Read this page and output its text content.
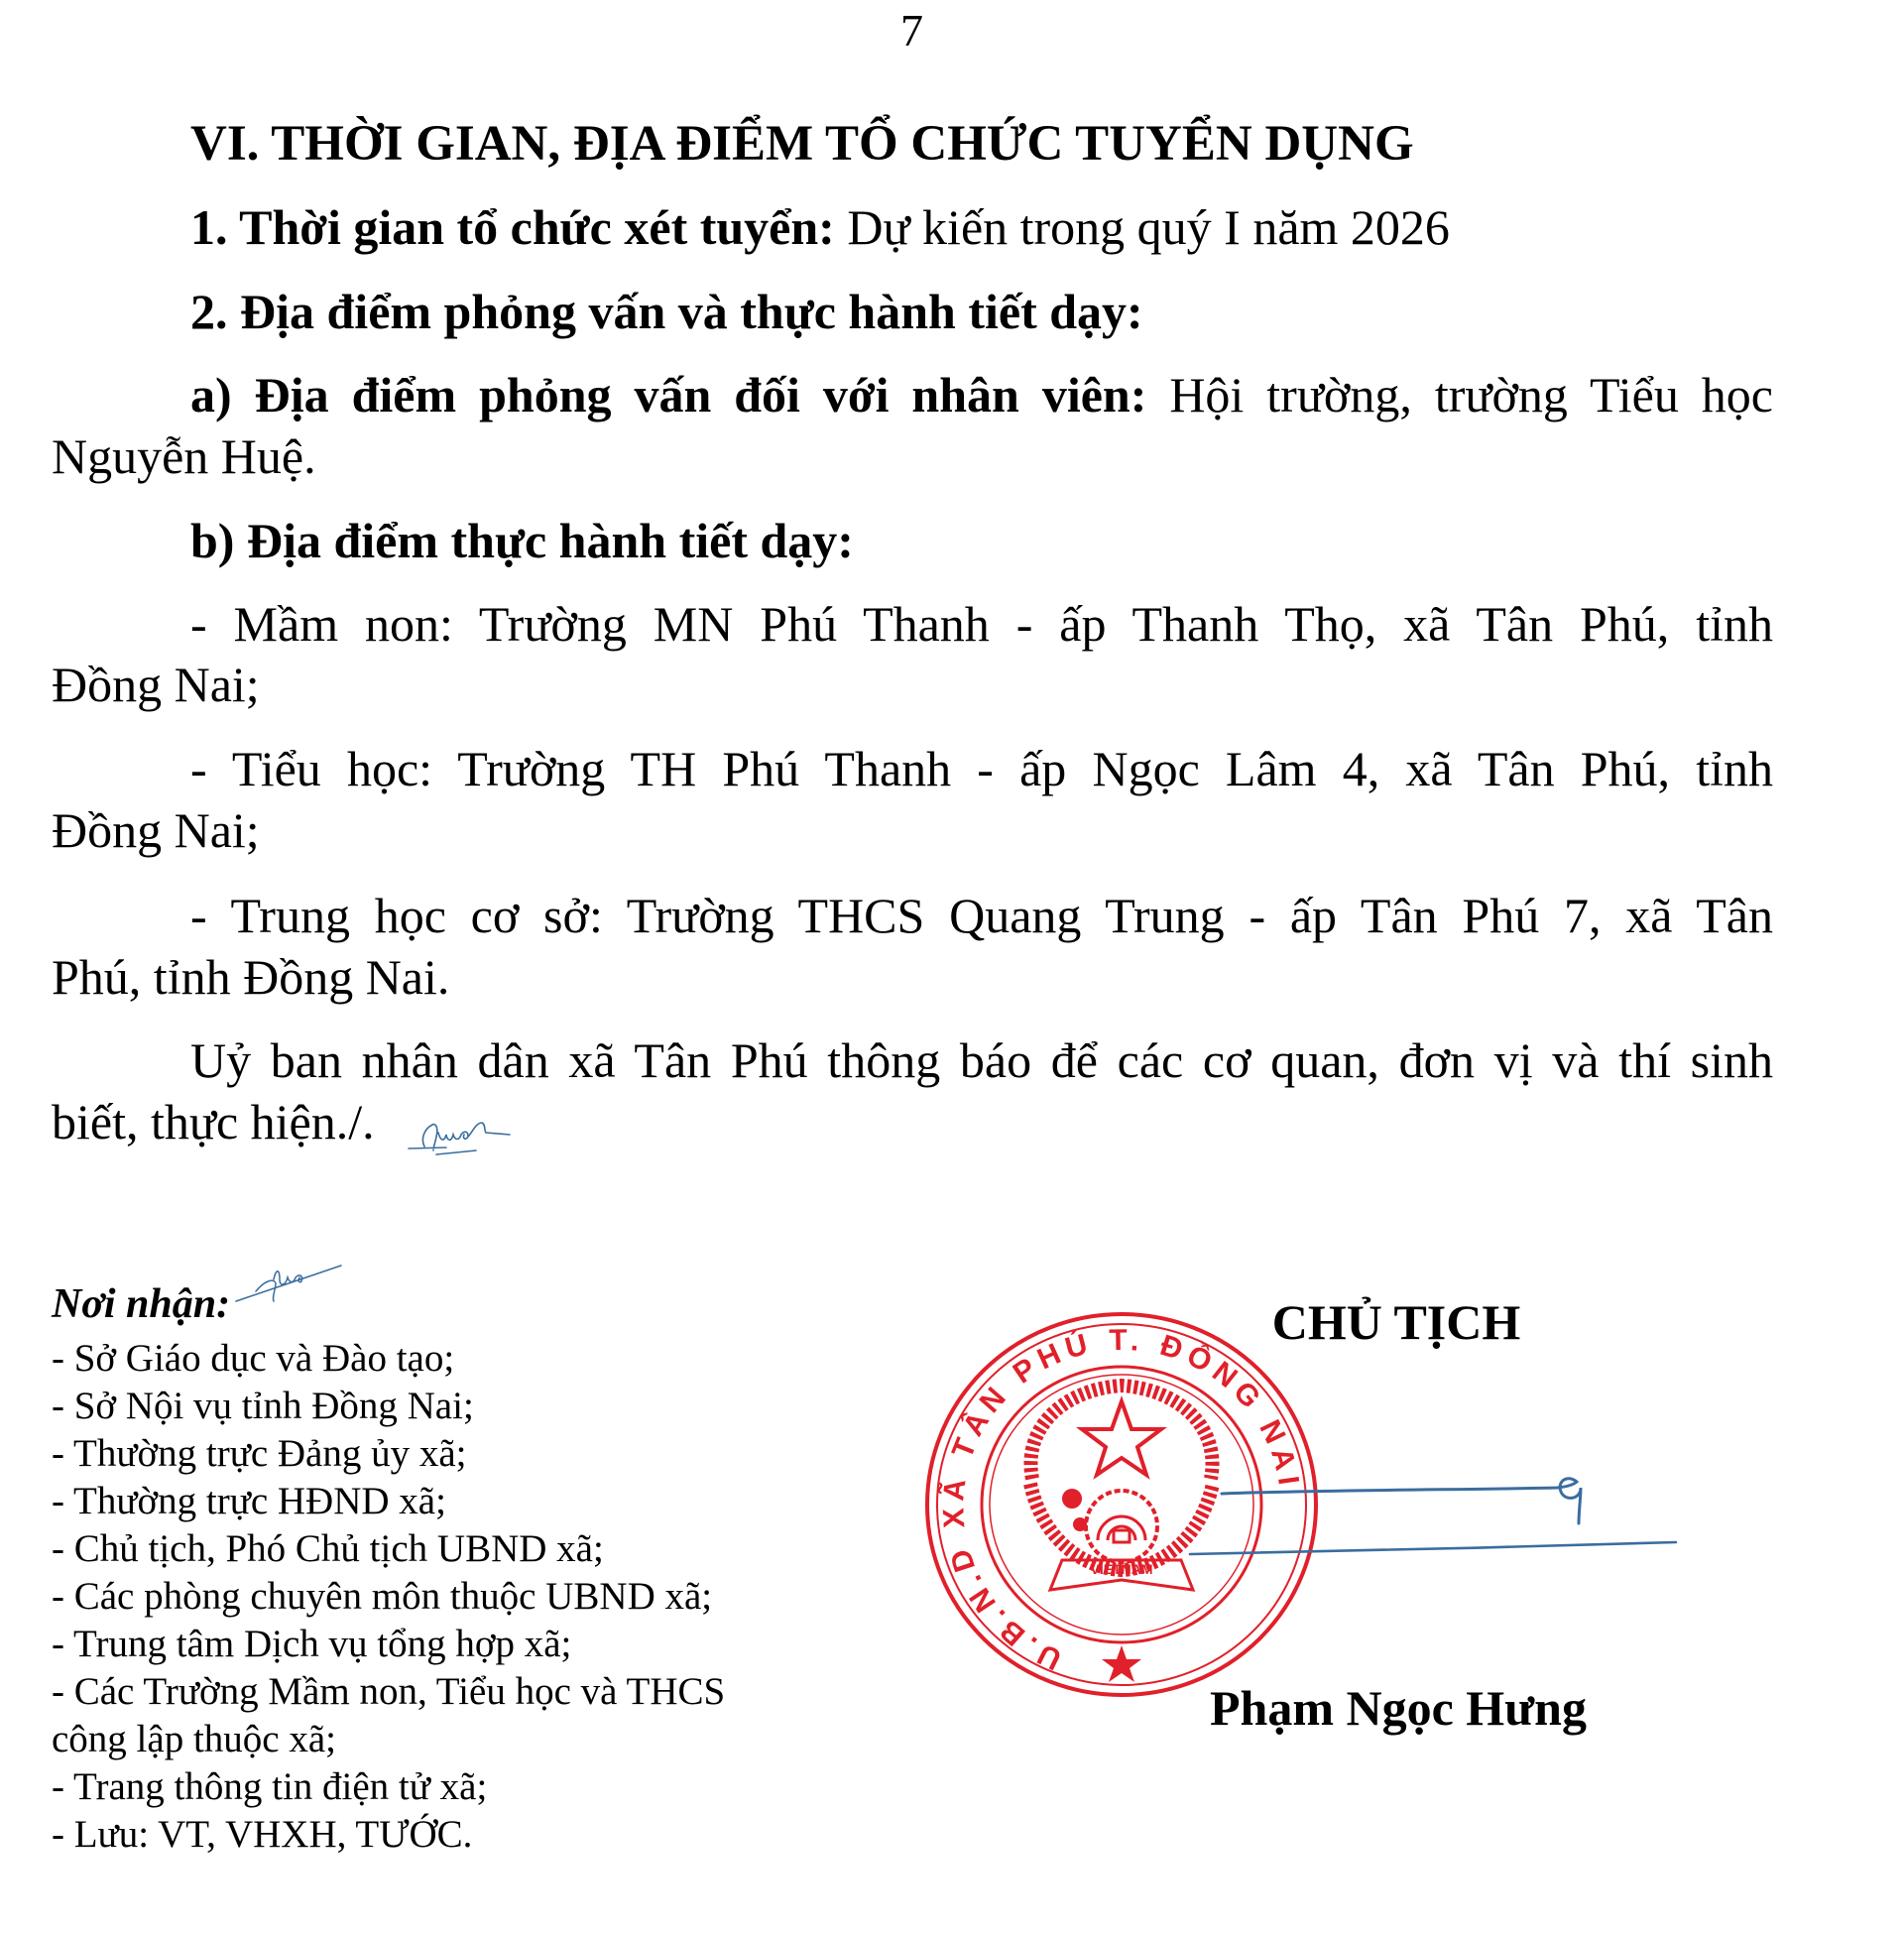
7
VI. THỜI GIAN, ĐỊA ĐIỂM TỔ CHỨC TUYỂN DỤNG
1. Thời gian tổ chức xét tuyển: Dự kiến trong quý I năm 2026
2. Địa điểm phỏng vấn và thực hành tiết dạy:
a) Địa điểm phỏng vấn đối với nhân viên: Hội trường, trường Tiểu học
Nguyễn Huệ.
b) Địa điểm thực hành tiết dạy:
- Mầm non: Trường MN Phú Thanh - ấp Thanh Thọ, xã Tân Phú, tỉnh
Đồng Nai;
- Tiểu học: Trường TH Phú Thanh - ấp Ngọc Lâm 4, xã Tân Phú, tỉnh
Đồng Nai;
- Trung học cơ sở: Trường THCS Quang Trung - ấp Tân Phú 7, xã Tân
Phú, tỉnh Đồng Nai.
Uỷ ban nhân dân xã Tân Phú thông báo để các cơ quan, đơn vị và thí sinh
biết, thực hiện./.
Nơi nhận:
- Sở Giáo dục và Đào tạo;
- Sở Nội vụ tỉnh Đồng Nai;
- Thường trực Đảng ủy xã;
- Thường trực HĐND xã;
- Chủ tịch, Phó Chủ tịch UBND xã;
- Các phòng chuyên môn thuộc UBND xã;
- Trung tâm Dịch vụ tổng hợp xã;
- Các Trường Mầm non, Tiểu học và THCS
công lập thuộc xã;
- Trang thông tin điện tử xã;
- Lưu: VT, VHXH, TƯỚC.
CHỦ TỊCH
U.B.N.D XÃ TÂN PHÚ T. ĐỒNG NAI
VIETNAM
Phạm Ngọc Hưng
